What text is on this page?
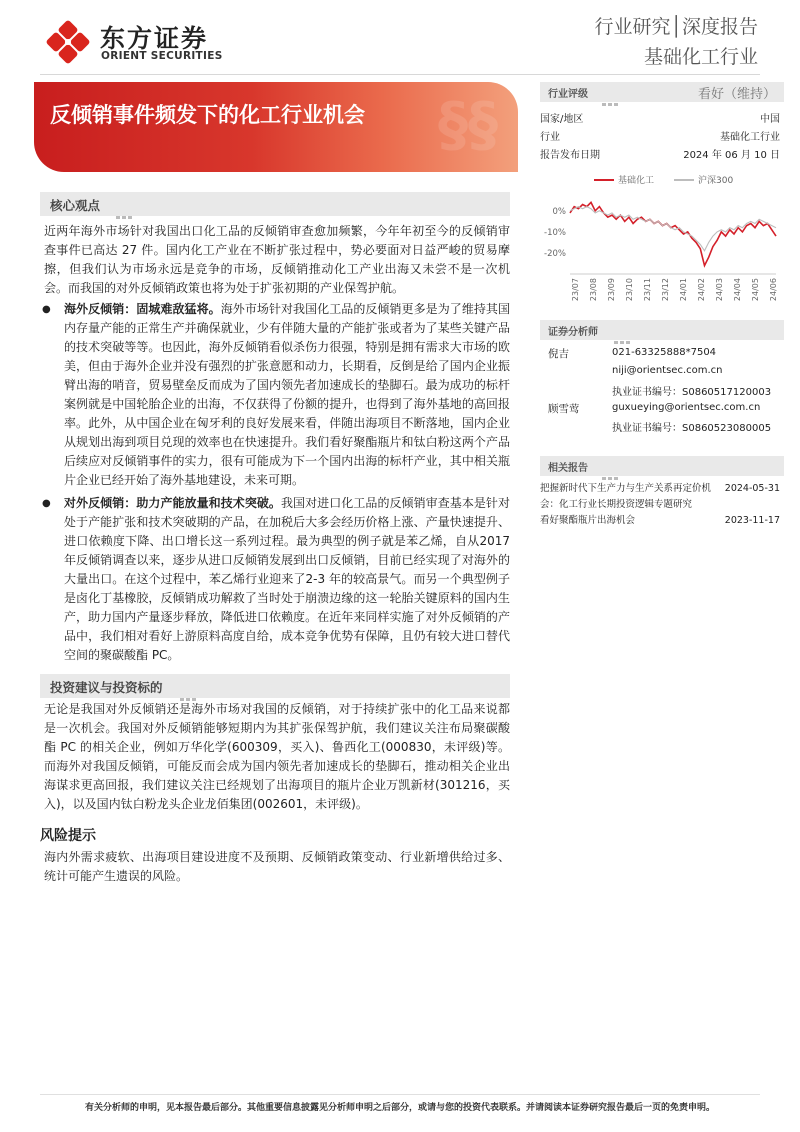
东方证券
ORIENT SECURITIES
行业研究│深度报告
基础化工行业
§§
反倾销事件频发下的化工行业机会
行业评级	看好（维持）
国家/地区	中国
行业	基础化工行业
报告发布日期	2024 年 06 月 10 日
基础化工	沪深300
0%
-10%
-20%
23/07 23/08 23/09 23/10 23/11 23/12 24/01 24/02 24/03 24/04 24/05 24/06
证券分析师
倪吉	021-63325888*7504
niji@orientsec.com.cn
执业证书编号：S0860517120003
顾雪莺	guxueying@orientsec.com.cn
执业证书编号：S0860523080005
相关报告
把握新时代下生产力与生产关系再定价机会：化工行业长期投资逻辑专题研究
2024-05-31
看好聚酯瓶片出海机会	2023-11-17
核心观点
近两年海外市场针对我国出口化工品的反倾销审查愈加频繁，今年年初至今的反倾销审查事件已高达 27 件。国内化工产业在不断扩张过程中，势必要面对日益严峻的贸易摩擦，但我们认为市场永远是竞争的市场，反倾销推动化工产业出海又未尝不是一次机会。而我国的对外反倾销政策也将为处于扩张初期的产业保驾护航。
● 海外反倾销：固城难敌猛将。海外市场针对我国化工品的反倾销更多是为了维持其国内存量产能的正常生产并确保就业，少有伴随大量的产能扩张或者为了某些关键产品的技术突破等等。也因此，海外反倾销看似杀伤力很强，特别是拥有需求大市场的欧美，但由于海外企业并没有强烈的扩张意愿和动力，长期看，反倒是给了国内企业振臂出海的哨音，贸易壁垒反而成为了国内领先者加速成长的垫脚石。最为成功的标杆案例就是中国轮胎企业的出海，不仅获得了份额的提升，也得到了海外基地的高回报率。此外，从中国企业在匈牙利的良好发展来看，伴随出海项目不断落地，国内企业从规划出海到项目兑现的效率也在快速提升。我们看好聚酯瓶片和钛白粉这两个产品后续应对反倾销事件的实力，很有可能成为下一个国内出海的标杆产业，其中相关瓶片企业已经开始了海外基地建设，未来可期。
● 对外反倾销：助力产能放量和技术突破。我国对进口化工品的反倾销审查基本是针对处于产能扩张和技术突破期的产品，在加税后大多会经历价格上涨、产量快速提升、进口依赖度下降、出口增长这一系列过程。最为典型的例子就是苯乙烯，自从2017 年反倾销调查以来，逐步从进口反倾销发展到出口反倾销，目前已经实现了对海外的大量出口。在这个过程中，苯乙烯行业迎来了2-3 年的较高景气。而另一个典型例子是卤化丁基橡胶，反倾销成功解救了当时处于崩溃边缘的这一轮胎关键原料的国内生产，助力国内产量逐步释放，降低进口依赖度。在近年来同样实施了对外反倾销的产品中，我们相对看好上游原料高度自给，成本竞争优势有保障，且仍有较大进口替代空间的聚碳酸酯 PC。
投资建议与投资标的
无论是我国对外反倾销还是海外市场对我国的反倾销，对于持续扩张中的化工品来说都是一次机会。我国对外反倾销能够短期内为其扩张保驾护航，我们建议关注布局聚碳酸酯 PC 的相关企业，例如万华化学(600309，买入)、鲁西化工(000830，未评级)等。而海外对我国反倾销，可能反而会成为国内领先者加速成长的垫脚石，推动相关企业出海谋求更高回报，我们建议关注已经规划了出海项目的瓶片企业万凯新材(301216，买入)，以及国内钛白粉龙头企业龙佰集团(002601，未评级)。
风险提示
海内外需求疲软、出海项目建设进度不及预期、反倾销政策变动、行业新增供给过多、统计可能产生遗误的风险。
有关分析师的申明，见本报告最后部分。其他重要信息披露见分析师申明之后部分，或请与您的投资代表联系。并请阅读本证券研究报告最后一页的免责申明。
